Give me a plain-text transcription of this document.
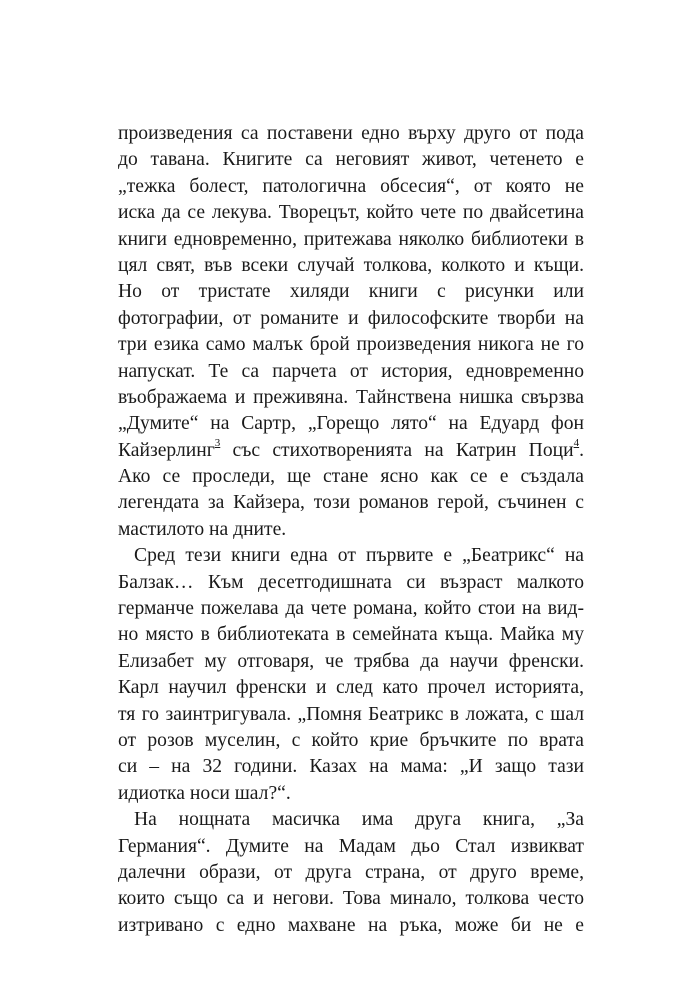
произведения са поставени едно върху друго от пода
до тавана. Книгите са неговият живот, четенето е
„тежка болест, патологична обсесия“, от която не
иска да се лекува. Творецът, който чете по двайсетина
книги едновременно, притежава няколко библиотеки в
цял свят, във всеки случай толкова, колкото и къщи.
Но от тристате хиляди книги с рисунки или
фотографии, от романите и философските творби на
три езика само малък брой произведения никога не го
напускат. Те са парчета от история, едновременно
въображаема и преживяна. Тайнствена нишка свързва
„Думите“ на Сартр, „Горещо лято“ на Едуард фон
Кайзерлинг$^3$ със стихотворенията на Катрин Поци$^4$.
Ако се проследи, ще стане ясно как се е създала
легендата за Кайзера, този романов герой, съчинен с
мастилото на дните.
Сред тези книги една от първите е „Беатрикс“ на
Балзак… Към десетгодишната си възраст малкото
германче пожелава да чете романа, който стои на вид-
но място в библиотеката в семейната къща. Майка му
Елизабет му отговаря, че трябва да научи френски.
Карл научил френски и след като прочел историята,
тя го заинтригувала. „Помня Беатрикс в ложата, с шал
от розов муселин, с който крие бръчките по врата
си – на 32 години. Казах на мама: „И защо тази
идиотка носи шал?“.
На нощната масичка има друга книга, „За
Германия“. Думите на Мадам дьо Стал извикват
далечни образи, от друга страна, от друго време,
които също са и негови. Това минало, толкова често
изтривано с едно махване на ръка, може би не е
